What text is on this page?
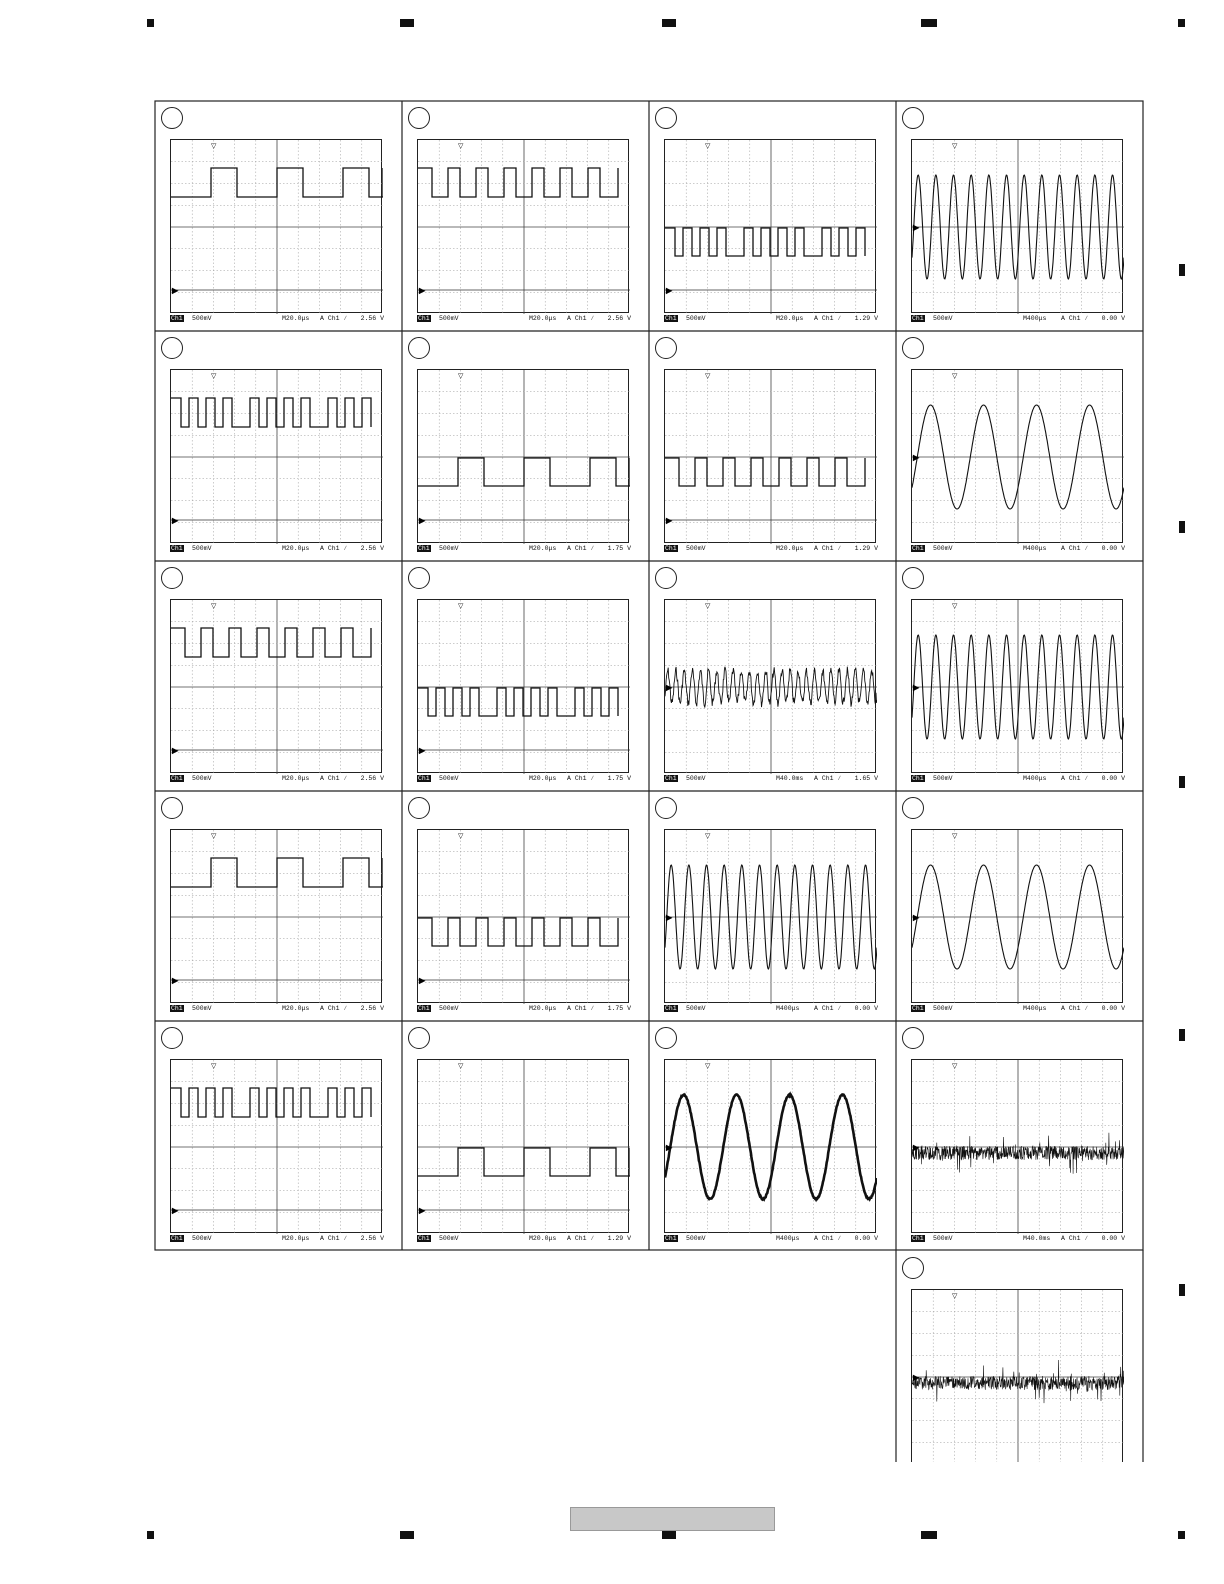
▶
▽
Ch1 500mV	M20.0μs A Ch1 ∕ 2.56 V
▶
▽
Ch1 500mV	M20.0μs A Ch1 ∕ 2.56 V
▶
▽
Ch1 500mV	M20.0μs A Ch1 ∕ 1.29 V
▶
▽
Ch1 500mV	M400μs A Ch1 ∕ 0.00 V
▶
▽
Ch1 500mV	M20.0μs A Ch1 ∕ 2.56 V
▶
▽
Ch1 500mV	M20.0μs A Ch1 ∕ 1.75 V
▶
▽
Ch1 500mV	M20.0μs A Ch1 ∕ 1.29 V
▶
▽
Ch1 500mV	M400μs A Ch1 ∕ 0.00 V
▶
▽
Ch1 500mV	M20.0μs A Ch1 ∕ 2.56 V
▶
▽
Ch1 500mV	M20.0μs A Ch1 ∕ 1.75 V
▶
▽
Ch1 500mV	M40.0ms A Ch1 ∕ 1.65 V
▶
▽
Ch1 500mV	M400μs A Ch1 ∕ 0.00 V
▶
▽
Ch1 500mV	M20.0μs A Ch1 ∕ 2.56 V
▶
▽
Ch1 500mV	M20.0μs A Ch1 ∕ 1.75 V
▶
▽
Ch1 500mV	M400μs A Ch1 ∕ 0.00 V
▶
▽
Ch1 500mV	M400μs A Ch1 ∕ 0.00 V
▶
▽
Ch1 500mV	M20.0μs A Ch1 ∕ 2.56 V
▶
▽
Ch1 500mV	M20.0μs A Ch1 ∕ 1.29 V
▶
▽
Ch1 500mV	M400μs A Ch1 ∕ 0.00 V
▶
▽
Ch1 500mV	M40.0ms A Ch1 ∕ 0.00 V
▶
▽
